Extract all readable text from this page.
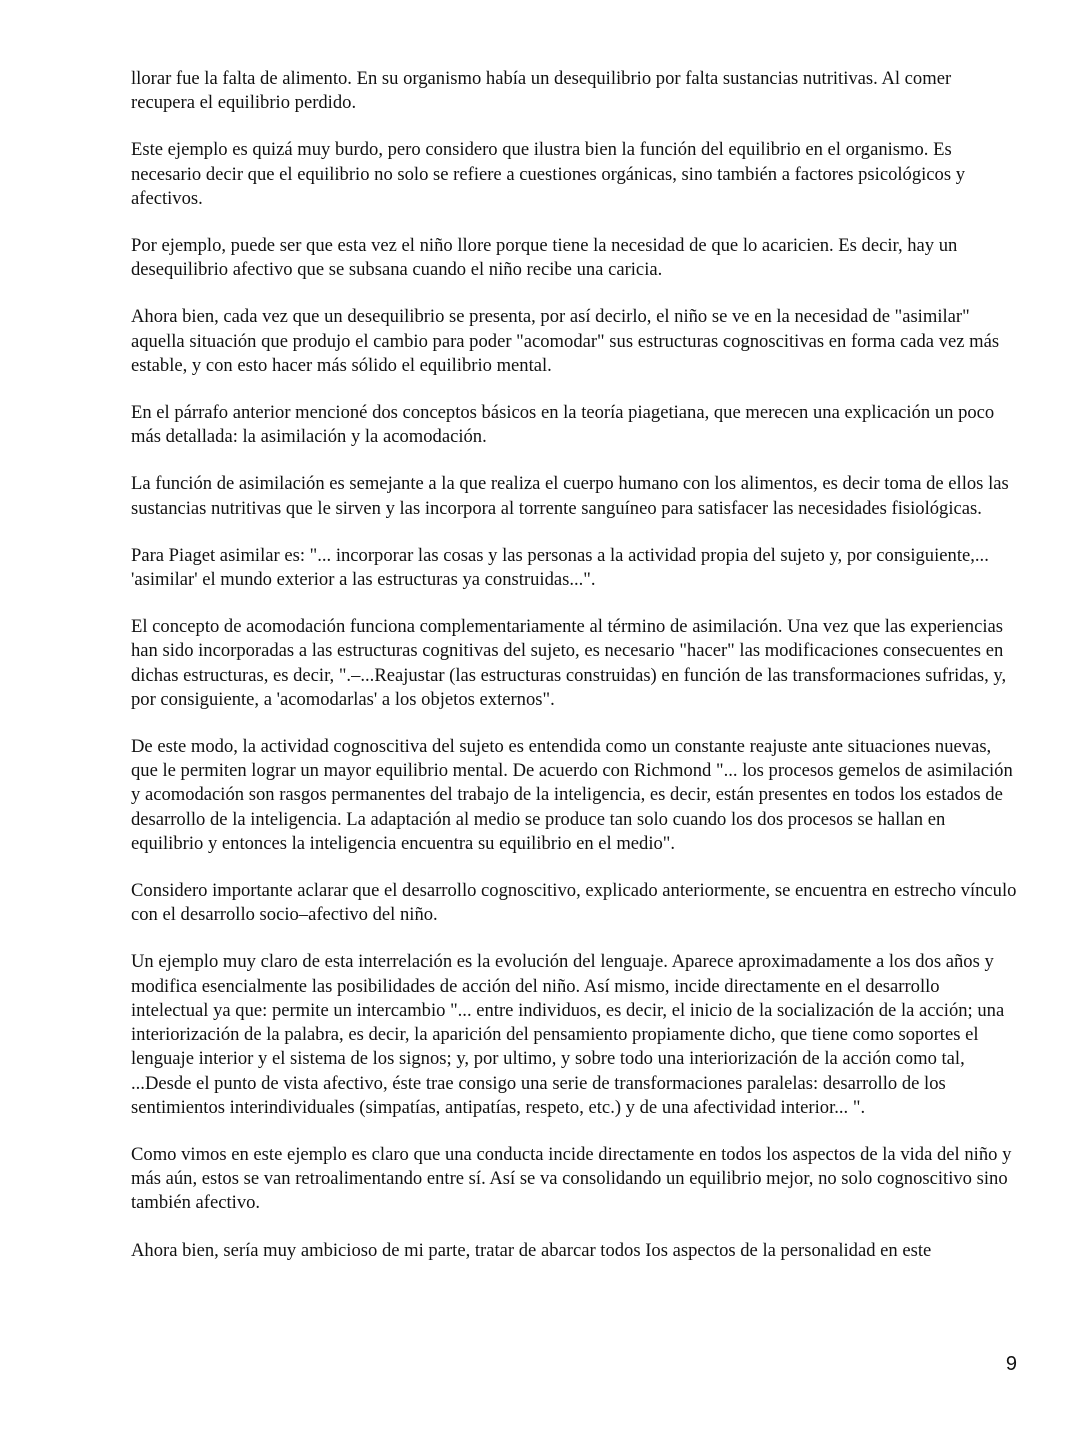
llorar fue la falta de alimento. En su organismo había un desequilibrio por falta sustancias nutritivas. Al comer recupera el equilibrio perdido.

Este ejemplo es quizá muy burdo, pero considero que ilustra bien la función del equilibrio en el organismo. Es necesario decir que el equilibrio no solo se refiere a cuestiones orgánicas, sino también a factores psicológicos y afectivos.

Por ejemplo, puede ser que esta vez el niño llore porque tiene la necesidad de que lo acaricien. Es decir, hay un desequilibrio afectivo que se subsana cuando el niño recibe una caricia.

Ahora bien, cada vez que un desequilibrio se presenta, por así decirlo, el niño se ve en la necesidad de "asimilar" aquella situación que produjo el cambio para poder "acomodar" sus estructuras cognoscitivas en forma cada vez más estable, y con esto hacer más sólido el equilibrio mental.

En el párrafo anterior mencioné dos conceptos básicos en la teoría piagetiana, que merecen una explicación un poco más detallada: la asimilación y la acomodación.

La función de asimilación es semejante a la que realiza el cuerpo humano con los alimentos, es decir toma de ellos las sustancias nutritivas que le sirven y las incorpora al torrente sanguíneo para satisfacer las necesidades fisiológicas.

Para Piaget asimilar es: "... incorporar las cosas y las personas a la actividad propia del sujeto y, por consiguiente,... 'asimilar' el mundo exterior a las estructuras ya construidas...".

El concepto de acomodación funciona complementariamente al término de asimilación. Una vez que las experiencias han sido incorporadas a las estructuras cognitivas del sujeto, es necesario "hacer" las modificaciones consecuentes en dichas estructuras, es decir, ".–...Reajustar (las estructuras construidas) en función de las transformaciones sufridas, y, por consiguiente, a 'acomodarlas' a los objetos externos".

De este modo, la actividad cognoscitiva del sujeto es entendida como un constante reajuste ante situaciones nuevas, que le permiten lograr un mayor equilibrio mental. De acuerdo con Richmond "... los procesos gemelos de asimilación y acomodación son rasgos permanentes del trabajo de la inteligencia, es decir, están presentes en todos los estados de desarrollo de la inteligencia. La adaptación al medio se produce tan solo cuando los dos procesos se hallan en equilibrio y entonces la inteligencia encuentra su equilibrio en el medio".

Considero importante aclarar que el desarrollo cognoscitivo, explicado anteriormente, se encuentra en estrecho vínculo con el desarrollo socio–afectivo del niño.

Un ejemplo muy claro de esta interrelación es la evolución del lenguaje. Aparece aproximadamente a los dos años y modifica esencialmente las posibilidades de acción del niño. Así mismo, incide directamente en el desarrollo intelectual ya que: permite un intercambio "... entre individuos, es decir, el inicio de la socialización de la acción; una interiorización de la palabra, es decir, la aparición del pensamiento propiamente dicho, que tiene como soportes el lenguaje interior y el sistema de los signos; y, por ultimo, y sobre todo una interiorización de la acción como tal, ...Desde el punto de vista afectivo, éste trae consigo una serie de transformaciones paralelas: desarrollo de los sentimientos interindividuales (simpatías, antipatías, respeto, etc.) y de una afectividad interior... ".

Como vimos en este ejemplo es claro que una conducta incide directamente en todos los aspectos de la vida del niño y más aún, estos se van retroalimentando entre sí. Así se va consolidando un equilibrio mejor, no solo cognoscitivo sino también afectivo.

Ahora bien, sería muy ambicioso de mi parte, tratar de abarcar todos Ios aspectos de la personalidad en este

9
